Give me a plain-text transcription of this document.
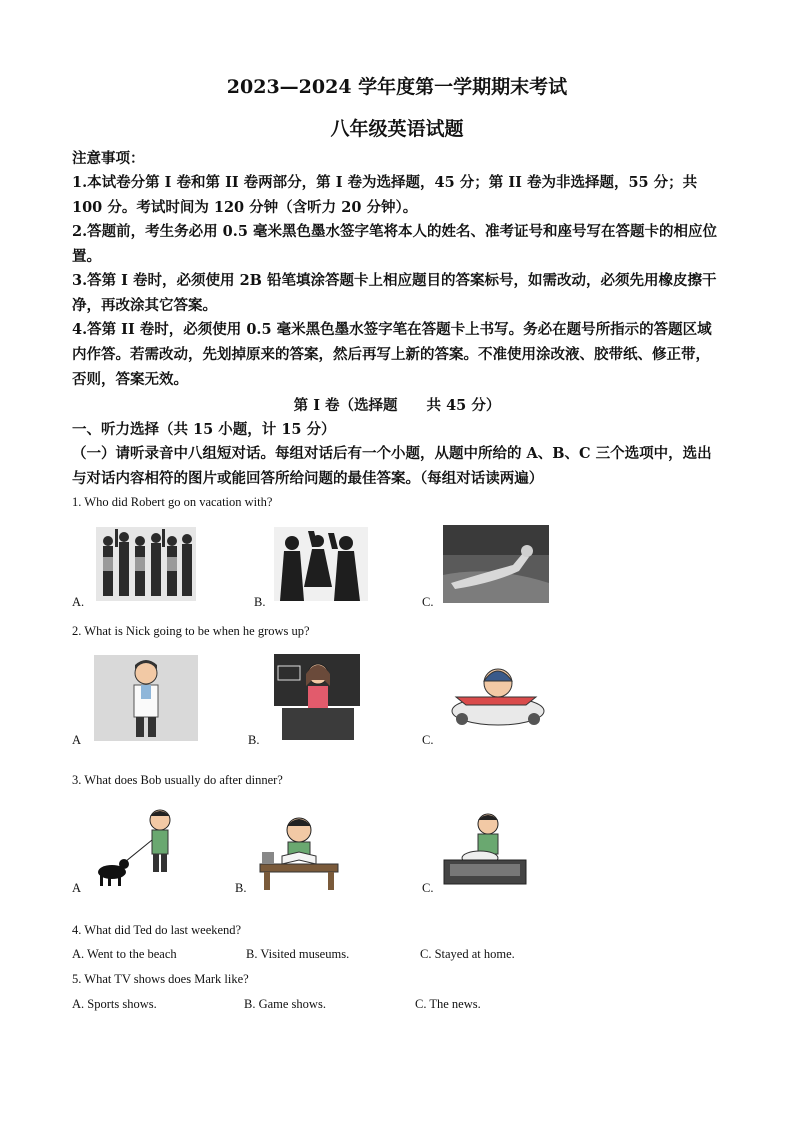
2023—2024 学年度第一学期期末考试
八年级英语试题
注意事项：
1.本试卷分第 I 卷和第 II 卷两部分，第 I 卷为选择题，45 分；第 II 卷为非选择题，55 分；共 100 分。考试时间为 120 分钟（含听力 20 分钟）。
2.答题前，考生务必用 0.5 毫米黑色墨水签字笔将本人的姓名、准考证号和座号写在答题卡的相应位置。
3.答第 I 卷时，必须使用 2B 铅笔填涂答题卡上相应题目的答案标号，如需改动，必须先用橡皮擦干净，再改涂其它答案。
4.答第 II 卷时，必须使用 0.5 毫米黑色墨水签字笔在答题卡上书写。务必在题号所指示的答题区域内作答。若需改动，先划掉原来的答案，然后再写上新的答案。不准使用涂改液、胶带纸、修正带，否则，答案无效。
第 I 卷（选择题　　共 45 分）
一、听力选择（共 15 小题，计 15 分）
（一）请听录音中八组短对话。每组对话后有一个小题，从题中所给的 A、B、C 三个选项中，选出与对话内容相符的图片或能回答所给问题的最佳答案。（每组对话读两遍）
1. Who did Robert go on vacation with?
A.	B.	C.
2. What is Nick going to be when he grows up?
A	B.	C.
3. What does Bob usually do after dinner?
A	B.	C.
4. What did Ted do last weekend?
A. Went to the beach	B. Visited museums.	C. Stayed at home.
5. What TV shows does Mark like?
A. Sports shows.	B. Game shows.	C. The news.
